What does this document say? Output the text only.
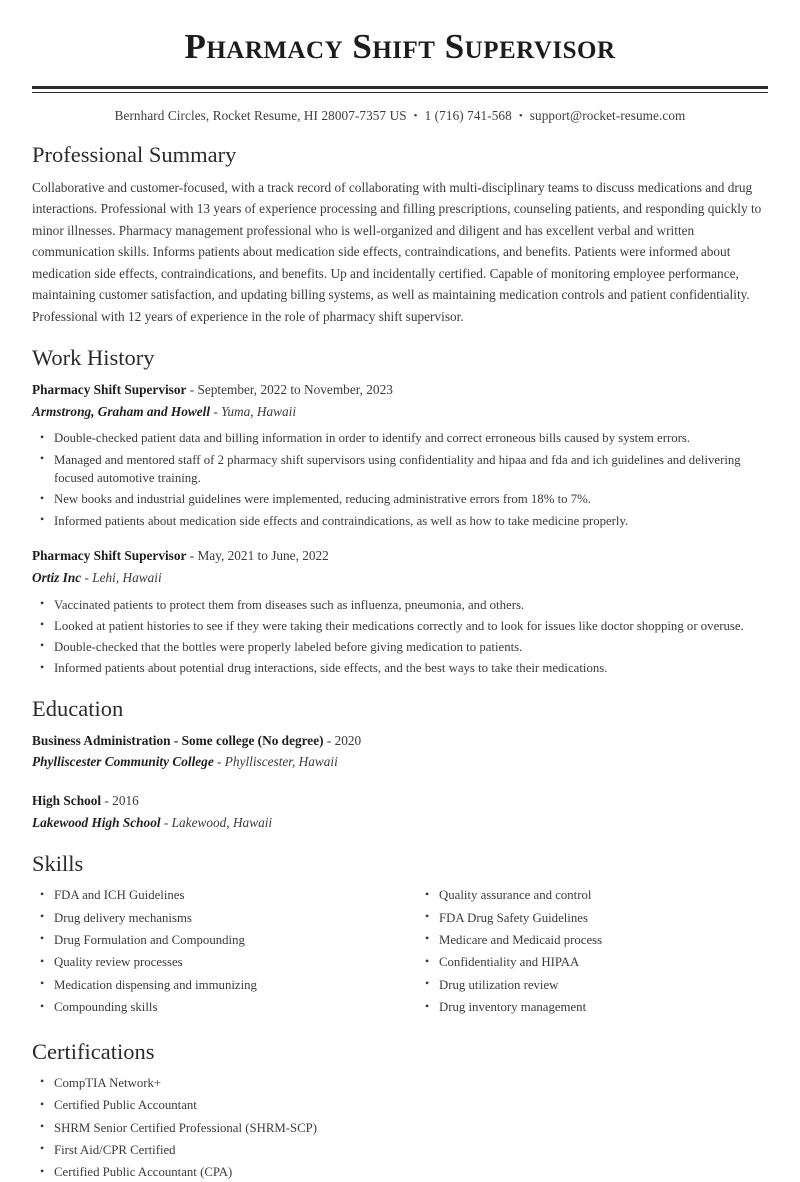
Pharmacy Shift Supervisor
Bernhard Circles, Rocket Resume, HI 28007-7357 US • 1 (716) 741-568 • support@rocket-resume.com
Professional Summary

Collaborative and customer-focused, with a track record of collaborating with multi-disciplinary teams to discuss medications and drug interactions. Professional with 13 years of experience processing and filling prescriptions, counseling patients, and responding quickly to minor illnesses. Pharmacy management professional who is well-organized and diligent and has excellent verbal and written communication skills. Informs patients about medication side effects, contraindications, and benefits. Patients were informed about medication side effects, contraindications, and benefits. Up and incidentally certified. Capable of monitoring employee performance, maintaining customer satisfaction, and updating billing systems, as well as maintaining medication controls and patient confidentiality. Professional with 12 years of experience in the role of pharmacy shift supervisor.

Work History
Pharmacy Shift Supervisor - September, 2022 to November, 2023
Armstrong, Graham and Howell - Yuma, Hawaii
• Double-checked patient data and billing information in order to identify and correct erroneous bills caused by system errors.
• Managed and mentored staff of 2 pharmacy shift supervisors using confidentiality and hipaa and fda and ich guidelines and delivering focused automotive training.
• New books and industrial guidelines were implemented, reducing administrative errors from 18% to 7%.
• Informed patients about medication side effects and contraindications, as well as how to take medicine properly.
Pharmacy Shift Supervisor - May, 2021 to June, 2022
Ortiz Inc - Lehi, Hawaii
• Vaccinated patients to protect them from diseases such as influenza, pneumonia, and others.
• Looked at patient histories to see if they were taking their medications correctly and to look for issues like doctor shopping or overuse.
• Double-checked that the bottles were properly labeled before giving medication to patients.
• Informed patients about potential drug interactions, side effects, and the best ways to take their medications.
Education
Business Administration - Some college (No degree) - 2020
Phylliscester Community College - Phylliscester, Hawaii
High School - 2016
Lakewood High School - Lakewood, Hawaii
Skills
• FDA and ICH Guidelines
• Drug delivery mechanisms
• Drug Formulation and Compounding
• Quality review processes
• Medication dispensing and immunizing
• Compounding skills
• Quality assurance and control
• FDA Drug Safety Guidelines
• Medicare and Medicaid process
• Confidentiality and HIPAA
• Drug utilization review
• Drug inventory management
Certifications
• CompTIA Network+
• Certified Public Accountant
• SHRM Senior Certified Professional (SHRM-SCP)
• First Aid/CPR Certified
• Certified Public Accountant (CPA)
